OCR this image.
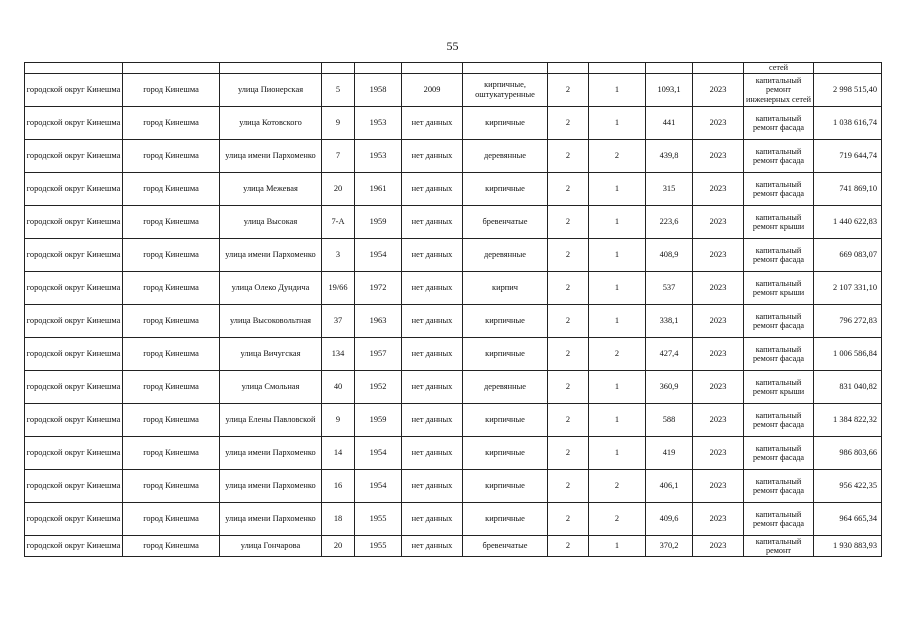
55
											сетей	
городской округ Кинешма	город Кинешма	улица Пионерская	5	1958	2009	кирпичные, оштукатуренные	2	1	1093,1	2023	капитальный ремонт инженерных сетей	2 998 515,40
городской округ Кинешма	город Кинешма	улица Котовского	9	1953	нет данных	кирпичные	2	1	441	2023	капитальный ремонт фасада	1 038 616,74
городской округ Кинешма	город Кинешма	улица имени Пархоменко	7	1953	нет данных	деревянные	2	2	439,8	2023	капитальный ремонт фасада	719 644,74
городской округ Кинешма	город Кинешма	улица Межевая	20	1961	нет данных	кирпичные	2	1	315	2023	капитальный ремонт фасада	741 869,10
городской округ Кинешма	город Кинешма	улица Высокая	7-А	1959	нет данных	бревенчатые	2	1	223,6	2023	капитальный ремонт крыши	1 440 622,83
городской округ Кинешма	город Кинешма	улица имени Пархоменко	3	1954	нет данных	деревянные	2	1	408,9	2023	капитальный ремонт фасада	669 083,07
городской округ Кинешма	город Кинешма	улица Олеко Дундича	19/66	1972	нет данных	кирпич	2	1	537	2023	капитальный ремонт крыши	2 107 331,10
городской округ Кинешма	город Кинешма	улица Высоковольтная	37	1963	нет данных	кирпичные	2	1	338,1	2023	капитальный ремонт фасада	796 272,83
городской округ Кинешма	город Кинешма	улица Вичугская	134	1957	нет данных	кирпичные	2	2	427,4	2023	капитальный ремонт фасада	1 006 586,84
городской округ Кинешма	город Кинешма	улица Смольная	40	1952	нет данных	деревянные	2	1	360,9	2023	капитальный ремонт крыши	831 040,82
городской округ Кинешма	город Кинешма	улица Елены Павловской	9	1959	нет данных	кирпичные	2	1	588	2023	капитальный ремонт фасада	1 384 822,32
городской округ Кинешма	город Кинешма	улица имени Пархоменко	14	1954	нет данных	кирпичные	2	1	419	2023	капитальный ремонт фасада	986 803,66
городской округ Кинешма	город Кинешма	улица имени Пархоменко	16	1954	нет данных	кирпичные	2	2	406,1	2023	капитальный ремонт фасада	956 422,35
городской округ Кинешма	город Кинешма	улица имени Пархоменко	18	1955	нет данных	кирпичные	2	2	409,6	2023	капитальный ремонт фасада	964 665,34
городской округ Кинешма	город Кинешма	улица Гончарова	20	1955	нет данных	бревенчатые	2	1	370,2	2023	капитальный ремонт	1 930 883,93
